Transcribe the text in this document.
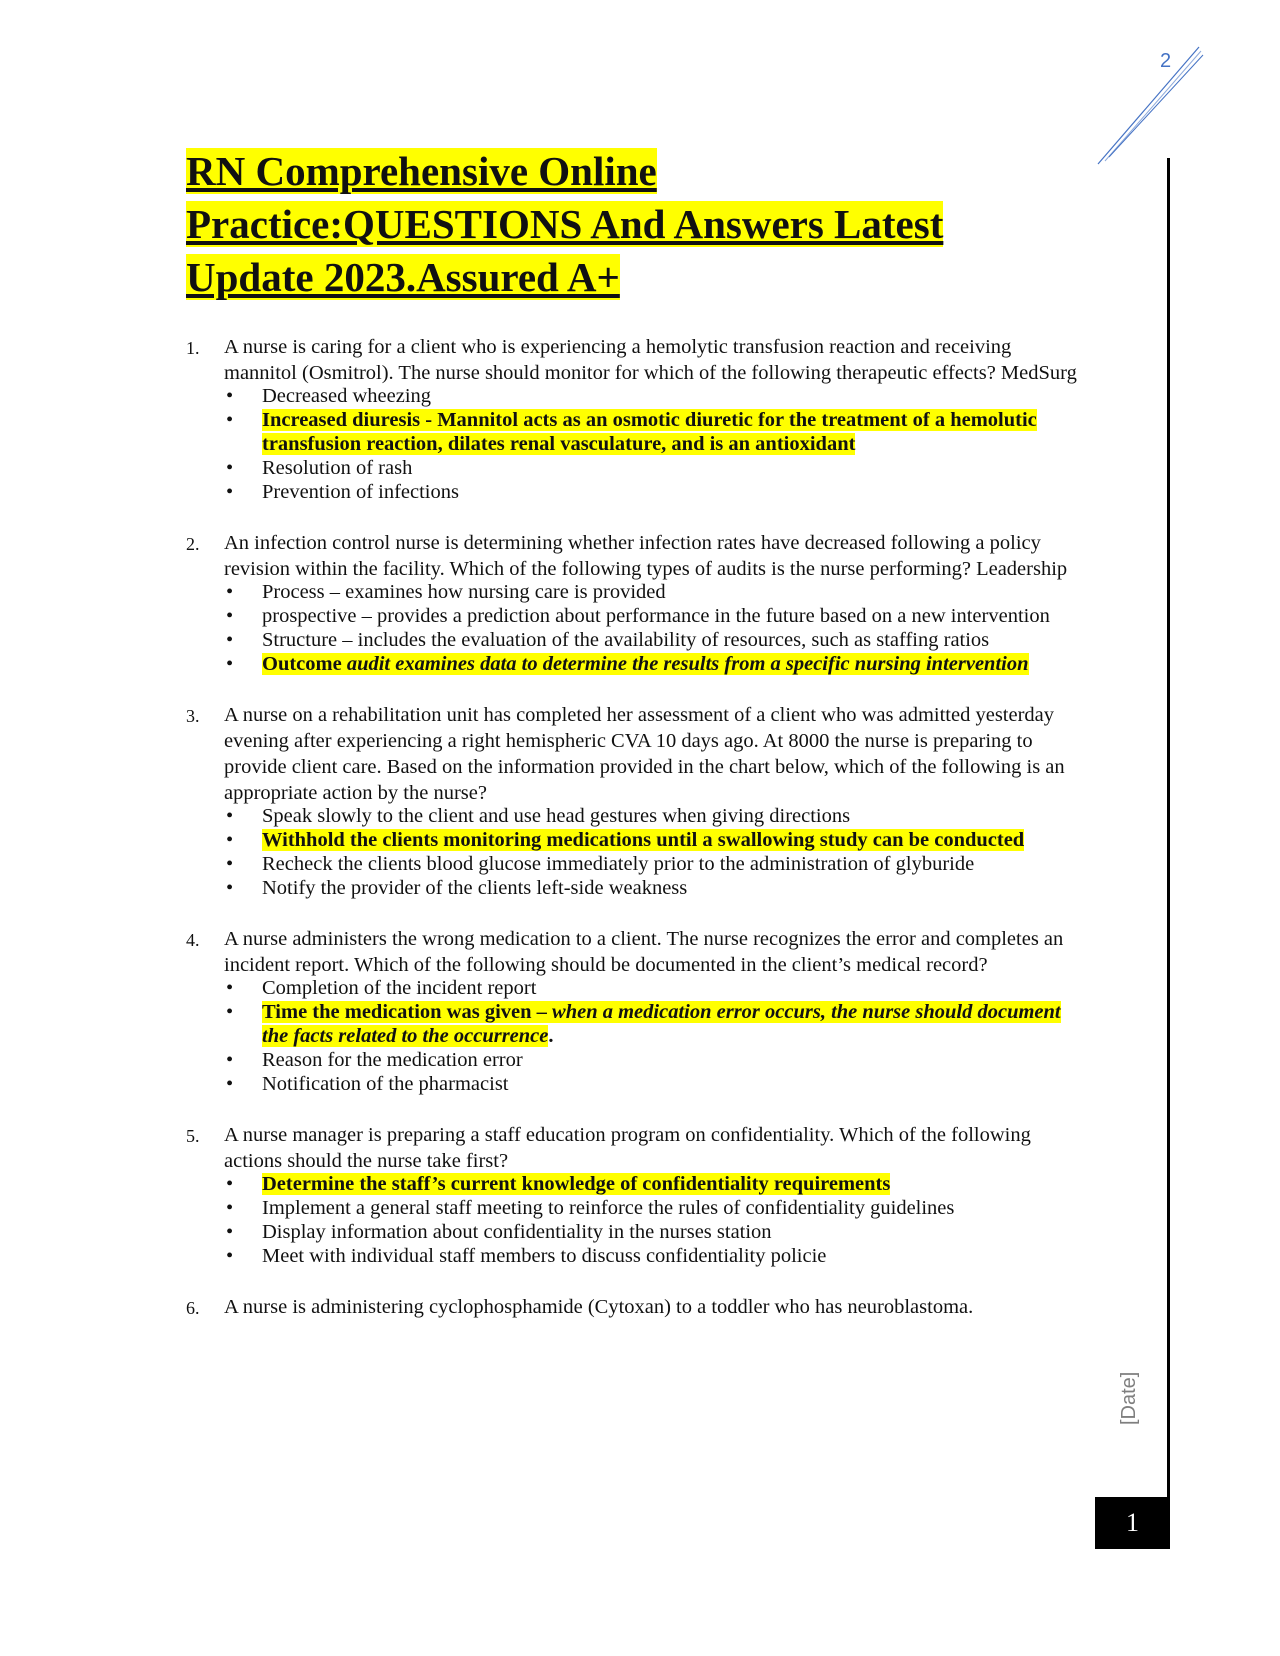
2
[Date]
1
RN Comprehensive Online
Practice:QUESTIONS And Answers Latest
Update 2023.Assured A+
1. A nurse is caring for a client who is experiencing a hemolytic transfusion reaction and receiving mannitol (Osmitrol). The nurse should monitor for which of the following therapeutic effects? MedSurg
• Decreased wheezing
• Increased diuresis - Mannitol acts as an osmotic diuretic for the treatment of a hemolutic transfusion reaction, dilates renal vasculature, and is an antioxidant
• Resolution of rash
• Prevention of infections
2. An infection control nurse is determining whether infection rates have decreased following a policy revision within the facility. Which of the following types of audits is the nurse performing? Leadership
• Process – examines how nursing care is provided
• prospective – provides a prediction about performance in the future based on a new intervention
• Structure – includes the evaluation of the availability of resources, such as staffing ratios
• Outcome audit examines data to determine the results from a specific nursing intervention
3. A nurse on a rehabilitation unit has completed her assessment of a client who was admitted yesterday evening after experiencing a right hemispheric CVA 10 days ago. At 8000 the nurse is preparing to provide client care. Based on the information provided in the chart below, which of the following is an appropriate action by the nurse?
• Speak slowly to the client and use head gestures when giving directions
• Withhold the clients monitoring medications until a swallowing study can be conducted
• Recheck the clients blood glucose immediately prior to the administration of glyburide
• Notify the provider of the clients left-side weakness
4. A nurse administers the wrong medication to a client. The nurse recognizes the error and completes an incident report. Which of the following should be documented in the client’s medical record?
• Completion of the incident report
• Time the medication was given – when a medication error occurs, the nurse should document the facts related to the occurrence.
• Reason for the medication error
• Notification of the pharmacist
5. A nurse manager is preparing a staff education program on confidentiality. Which of the following actions should the nurse take first?
• Determine the staff’s current knowledge of confidentiality requirements
• Implement a general staff meeting to reinforce the rules of confidentiality guidelines
• Display information about confidentiality in the nurses station
• Meet with individual staff members to discuss confidentiality policie
6. A nurse is administering cyclophosphamide (Cytoxan) to a toddler who has neuroblastoma.
